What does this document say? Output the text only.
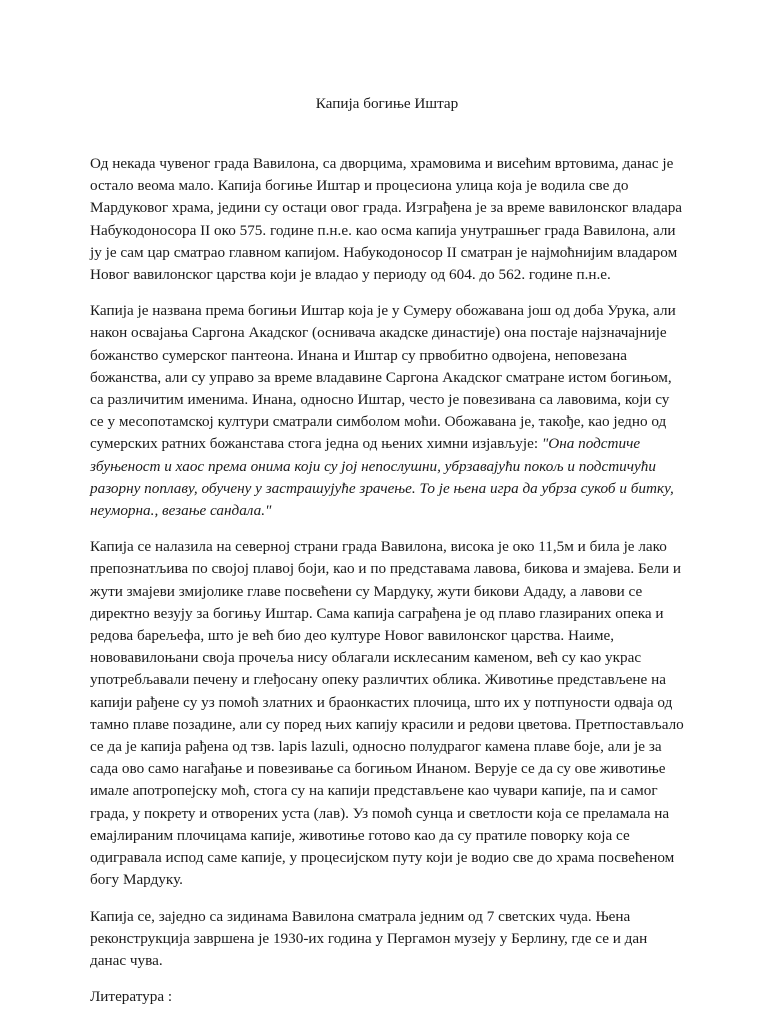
Капија богиње Иштар

Од некада чувеног града Вавилона, са дворцима, храмовима и висећим вртовима, данас је остало веома мало. Капија богиње Иштар и процесиона улица која је водила све до Мардуковог храма, једини су остаци овог града. Изграђена је за време вавилонског владара Набукодоносора II око 575. године п.н.е. као осма капија унутрашњег града Вавилона, али ју је сам цар сматрао главном капијом. Набукодоносор II сматран је најмоћнијим владаром Новог вавилонског царства који је владао у периоду од 604. до 562. године п.н.е.

Капија је названа према богињи Иштар која је у Сумеру обожавана још од доба Урука, али након освајања Саргона Акадског (оснивача акадске династије) она постаје најзначајније божанство сумерског пантеона. Инана и Иштар су првобитно одвојена, неповезана божанства, али су управо за време владавине Саргона Акадског сматране истом богињом, са различитим именима. Инана, односно Иштар, често је повезивана са лавовима, који су се у месопотамској култури сматрали симболом моћи. Обожавана је, такође, као једно од сумерских ратних божанстава стога једна од њених химни изјављује: "Она подстиче збуњеност и хаос према онима који су јој непослушни, убрзавајући покољ и подстичући разорну поплаву, обучену у застрашујуће зрачење. То је њена игра да убрза сукоб и битку, неуморна., везање сандала."

Капија се налазила на северној страни града Вавилона, висока је око 11,5м и била је лако препознатљива по својој плавој боји, као и по представама лавова, бикова и змајева. Бели и жути змајеви змијолике главе посвећени су Мардуку, жути бикови Ададу, а лавови се директно везују за богињу Иштар. Сама капија саграђена је од плаво глазираних опека и редова барељефа, што је већ био део културе Новог вавилонског царства. Наиме, нововавилоњани своја прочеља нису облагали исклесаним каменом, већ су као украс употребљавали печену и глеђосану опеку различтих облика. Животиње представљене на капији рађене су уз помоћ златних и браонкастих плочица, што их у потпуности одваја од тамно плаве позадине, али су поред њих капију красили и редови цветова. Претпостављало се да је капија рађена од тзв. lapis lazuli, односно полудрагог камена плаве боје, али је за сада ово само нагађање и повезивање са богињом Инаном. Верује се да су ове животиње имале апотропејску моћ, стога су на капији представљене као чувари капије, па и самог града, у покрету и отворених уста (лав). Уз помоћ сунца и светлости која се преламала на емајлираним плочицама капије, животиње готово као да су пратиле поворку која се одигравала испод саме капије, у процесијском путу који је водио све до храма посвећеном богу Мардуку.

Капија се, заједно са зидинама Вавилона сматрала једним од 7 светских чуда. Њена реконструкција завршена је 1930-их година у Пергамон музеју у Берлину, где се и дан данас чува.

Литература :
